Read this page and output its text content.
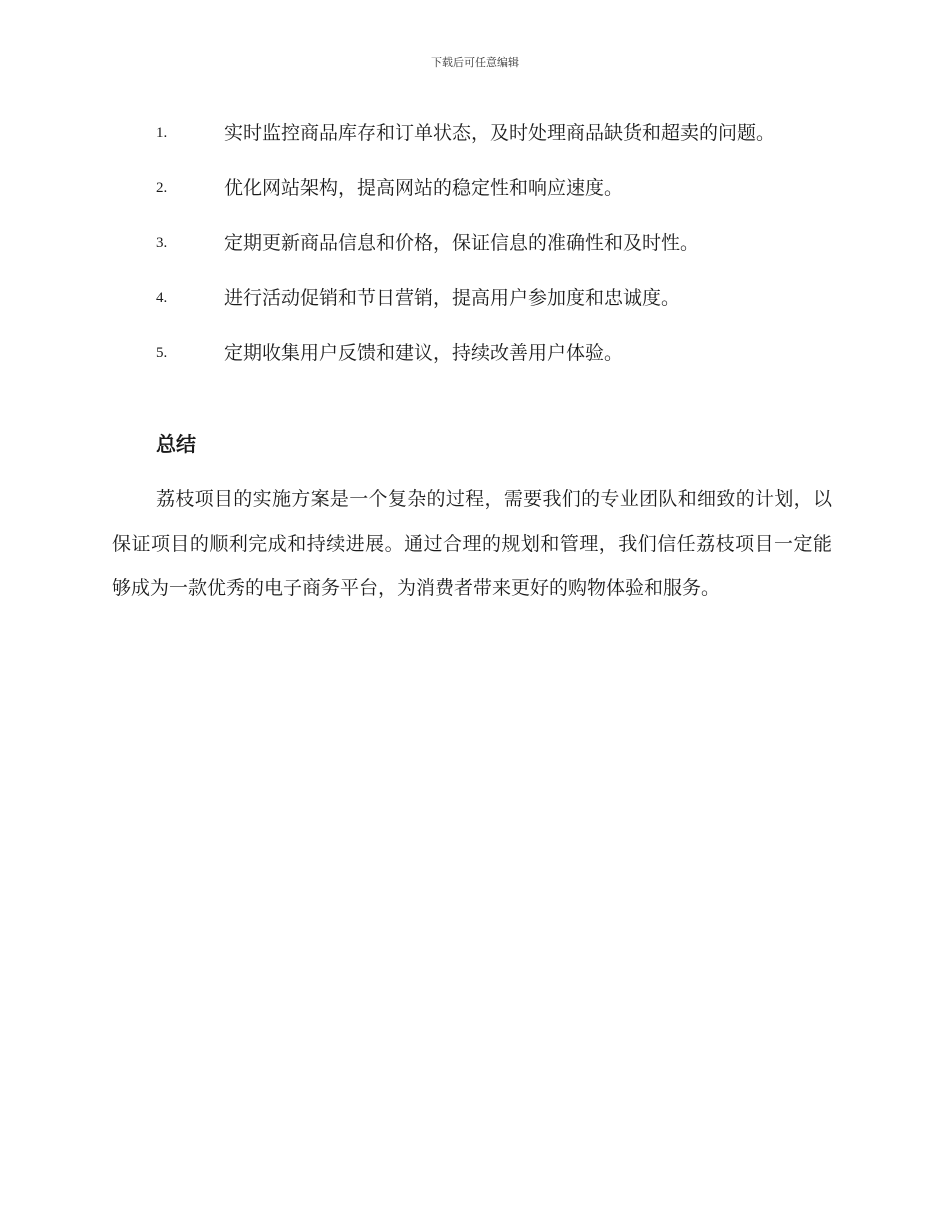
下载后可任意编辑
1.	实时监控商品库存和订单状态，及时处理商品缺货和超卖的问题。
2.	优化网站架构，提高网站的稳定性和响应速度。
3.	定期更新商品信息和价格，保证信息的准确性和及时性。
4.	进行活动促销和节日营销，提高用户参加度和忠诚度。
5.	定期收集用户反馈和建议，持续改善用户体验。
总结
荔枝项目的实施方案是一个复杂的过程，需要我们的专业团队和细致的计划，以保证项目的顺利完成和持续进展。通过合理的规划和管理，我们信任荔枝项目一定能够成为一款优秀的电子商务平台，为消费者带来更好的购物体验和服务。
